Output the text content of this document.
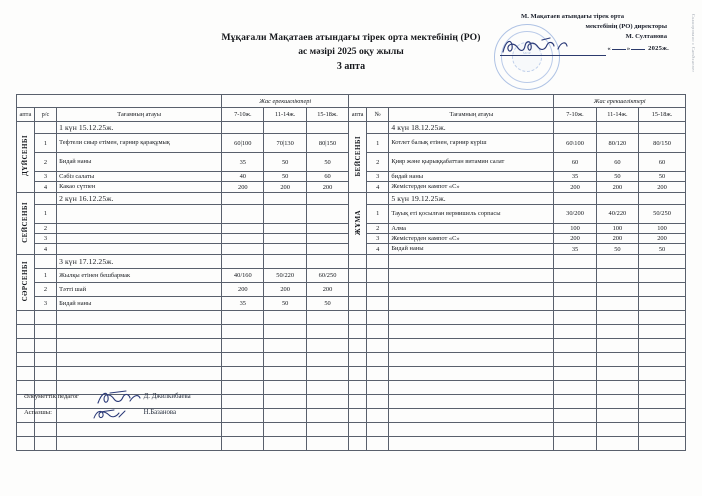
Сканировано с CamScanner
М. Мақатаев атындағы тірек орта
мектебінің (РО) директоры
М. Султанова
« »	2025ж.
МӨР
Мұқағали Мақатаев атындағы тірек орта мектебінің (РО)
ас мәзірі 2025 оқу жылы
3 апта
			Жас ерекшеліктері						Жас ерекшеліктері		
апта	р/с	Тағамның атауы	7-10ж.	11-14ж.	15-18ж.	апта	№	Тағамның атауы	7-10ж.	11-14ж.	15-18ж.
ДҮЙСЕНБІ		1 күн 15.12.25ж.				БЕЙСЕНБІ		4 күн 18.12.25ж.			
	1	Тефтели сиыр етімен, гарнир қарақұмық	60|100	70|130	80|150		1	Котлет балық етінен, гарнир күріш	60\100	80/120	80/150
	2	Бидай наны	35	50	50		2	Қияр және қырыққабаттан витамин салат	60	60	60
	3	Сәбіз салаты	40	50	60		3	бидай наны	35	50	50
	4	Какао сүтпен	200	200	200		4	Жемістерден кампот «С»	200	200	200
СЕЙСЕНБІ		2 күн 16.12.25ж.				ЖҰМА		5 күн 19.12.25ж.			
	1						1	Тауық еті қосылған вермишель сорпасы	30/200	40/220	50/250
	2						2	Алма	100	100	100
	3						3	Жемістерден кампот «С»	200	200	200
	4						4	Бидай наны	35	50	50
СӘРСЕНБІ		3 күн 17.12.25ж.									
	1	Жылқы етінен бешбармак	40/160	50/220	60/250						
	2	Тәтті шай	200	200	200						
	3	Бидай наны	35	50	50						

Әлеуметтік педагог	Д. Джилкибаева
Аспазшы:	Н.Базанова
